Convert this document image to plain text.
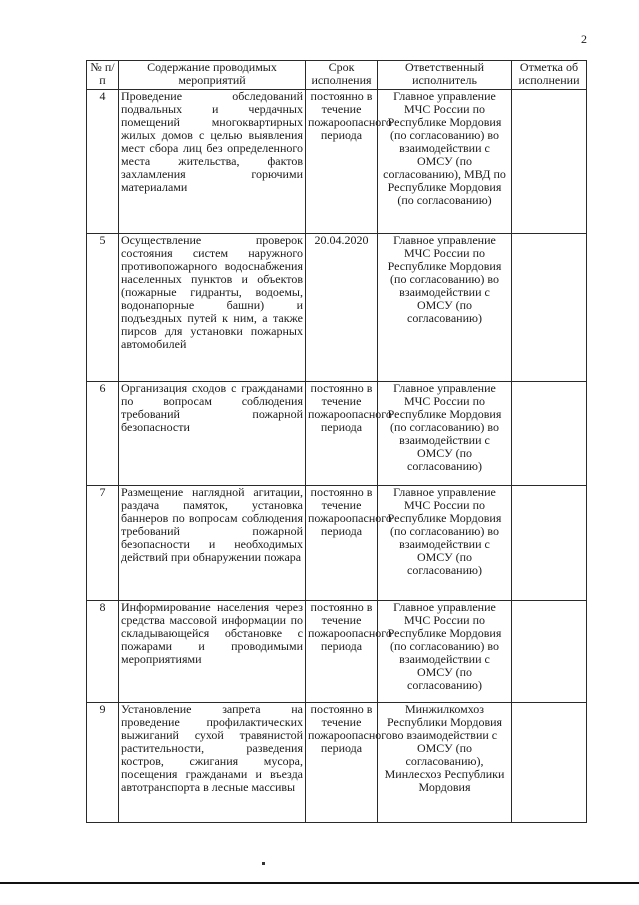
2
№ п/п	Содержание проводимых мероприятий	Срок исполнения	Ответственный исполнитель	Отметка об исполнении
4	Проведение обследований подвальных и чердачных помещений многоквартирных жилых домов с целью выявления мест сбора лиц без определенного места жительства, фактов захламления горючими материалами	постоянно в течение пожароопасного периода	Главное управление МЧС России по Республике Мордовия (по согласованию) во взаимодействии с ОМСУ (по согласованию), МВД по Республике Мордовия (по согласованию)	
5	Осуществление проверок состояния систем наружного противопожарного водоснабжения населенных пунктов и объектов (пожарные гидранты, водоемы, водонапорные башни) и подъездных путей к ним, а также пирсов для установки пожарных автомобилей	20.04.2020	Главное управление МЧС России по Республике Мордовия (по согласованию) во взаимодействии с ОМСУ (по согласованию)	
6	Организация сходов с гражданами по вопросам соблюдения требований пожарной безопасности	постоянно в течение пожароопасного периода	Главное управление МЧС России по Республике Мордовия (по согласованию) во взаимодействии с ОМСУ (по согласованию)	
7	Размещение наглядной агитации, раздача памяток, установка баннеров по вопросам соблюдения требований пожарной безопасности и необходимых действий при обнаружении пожара	постоянно в течение пожароопасного периода	Главное управление МЧС России по Республике Мордовия (по согласованию) во взаимодействии с ОМСУ (по согласованию)	
8	Информирование населения через средства массовой информации по складывающейся обстановке с пожарами и проводимыми мероприятиями	постоянно в течение пожароопасного периода	Главное управление МЧС России по Республике Мордовия (по согласованию) во взаимодействии с ОМСУ (по согласованию)	
9	Установление запрета на проведение профилактических выжиганий сухой травянистой растительности, разведения костров, сжигания мусора, посещения гражданами и въезда автотранспорта в лесные массивы	постоянно в течение пожароопасного периода	Минжилкомхоз Республики Мордовия во взаимодействии с ОМСУ (по согласованию), Минлесхоз Республики Мордовия	
